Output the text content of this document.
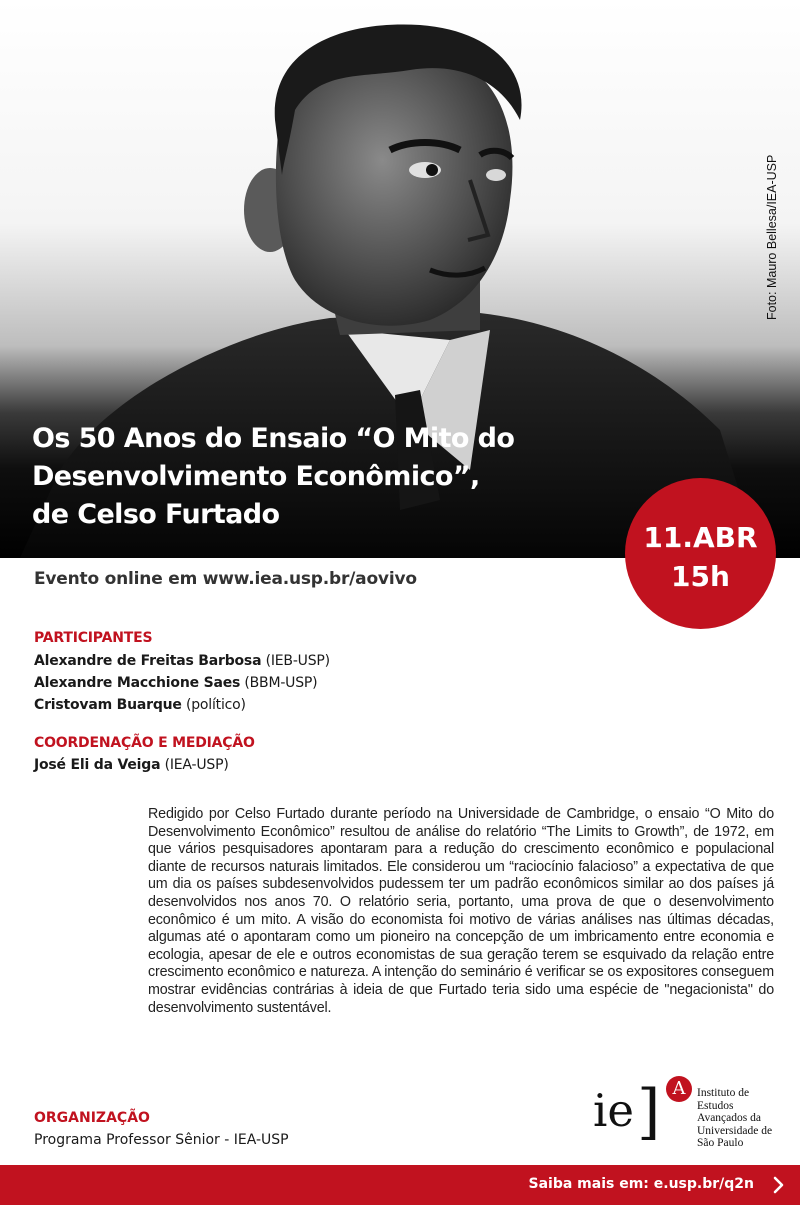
Foto: Mauro Bellesa/IEA-USP
Os 50 Anos do Ensaio “O Mito do
Desenvolvimento Econômico”,
de Celso Furtado
11.ABR
15h
Evento online em www.iea.usp.br/aovivo
PARTICIPANTES
Alexandre de Freitas Barbosa (IEB-USP)
Alexandre Macchione Saes (BBM-USP)
Cristovam Buarque (político)
COORDENAÇÃO E MEDIAÇÃO
José Eli da Veiga (IEA-USP)

Redigido por Celso Furtado durante período na Universidade de Cambridge, o ensaio “O Mito do Desenvolvimento Econômico” resultou de análise do relatório “The Limits to Growth”, de 1972, em que vários pesquisadores apontaram para a redução do crescimento econômico e populacional diante de recursos naturais limitados. Ele considerou um “raciocínio falacioso” a expectativa de que um dia os países subdesenvolvidos pudessem ter um padrão econômicos similar ao dos países já desenvolvidos nos anos 70. O relatório seria, portanto, uma prova de que o desenvolvimento econômico é um mito. A visão do economista foi motivo de várias análises nas últimas décadas, algumas até o apontaram como um pioneiro na concepção de um imbricamento entre economia e ecologia, apesar de ele e outros economistas de sua geração terem se esquivado da relação entre crescimento econômico e natureza. A intenção do seminário é verificar se os expositores conseguem mostrar evidências contrárias à ideia de que Furtado teria sido uma espécie de "negacionista" do desenvolvimento sustentável.

ORGANIZAÇÃO
Programa Professor Sênior - IEA-USP
ie ] A	Instituto de
Estudos
Avançados da
Universidade de
São Paulo
Saiba mais em: e.usp.br/q2n
